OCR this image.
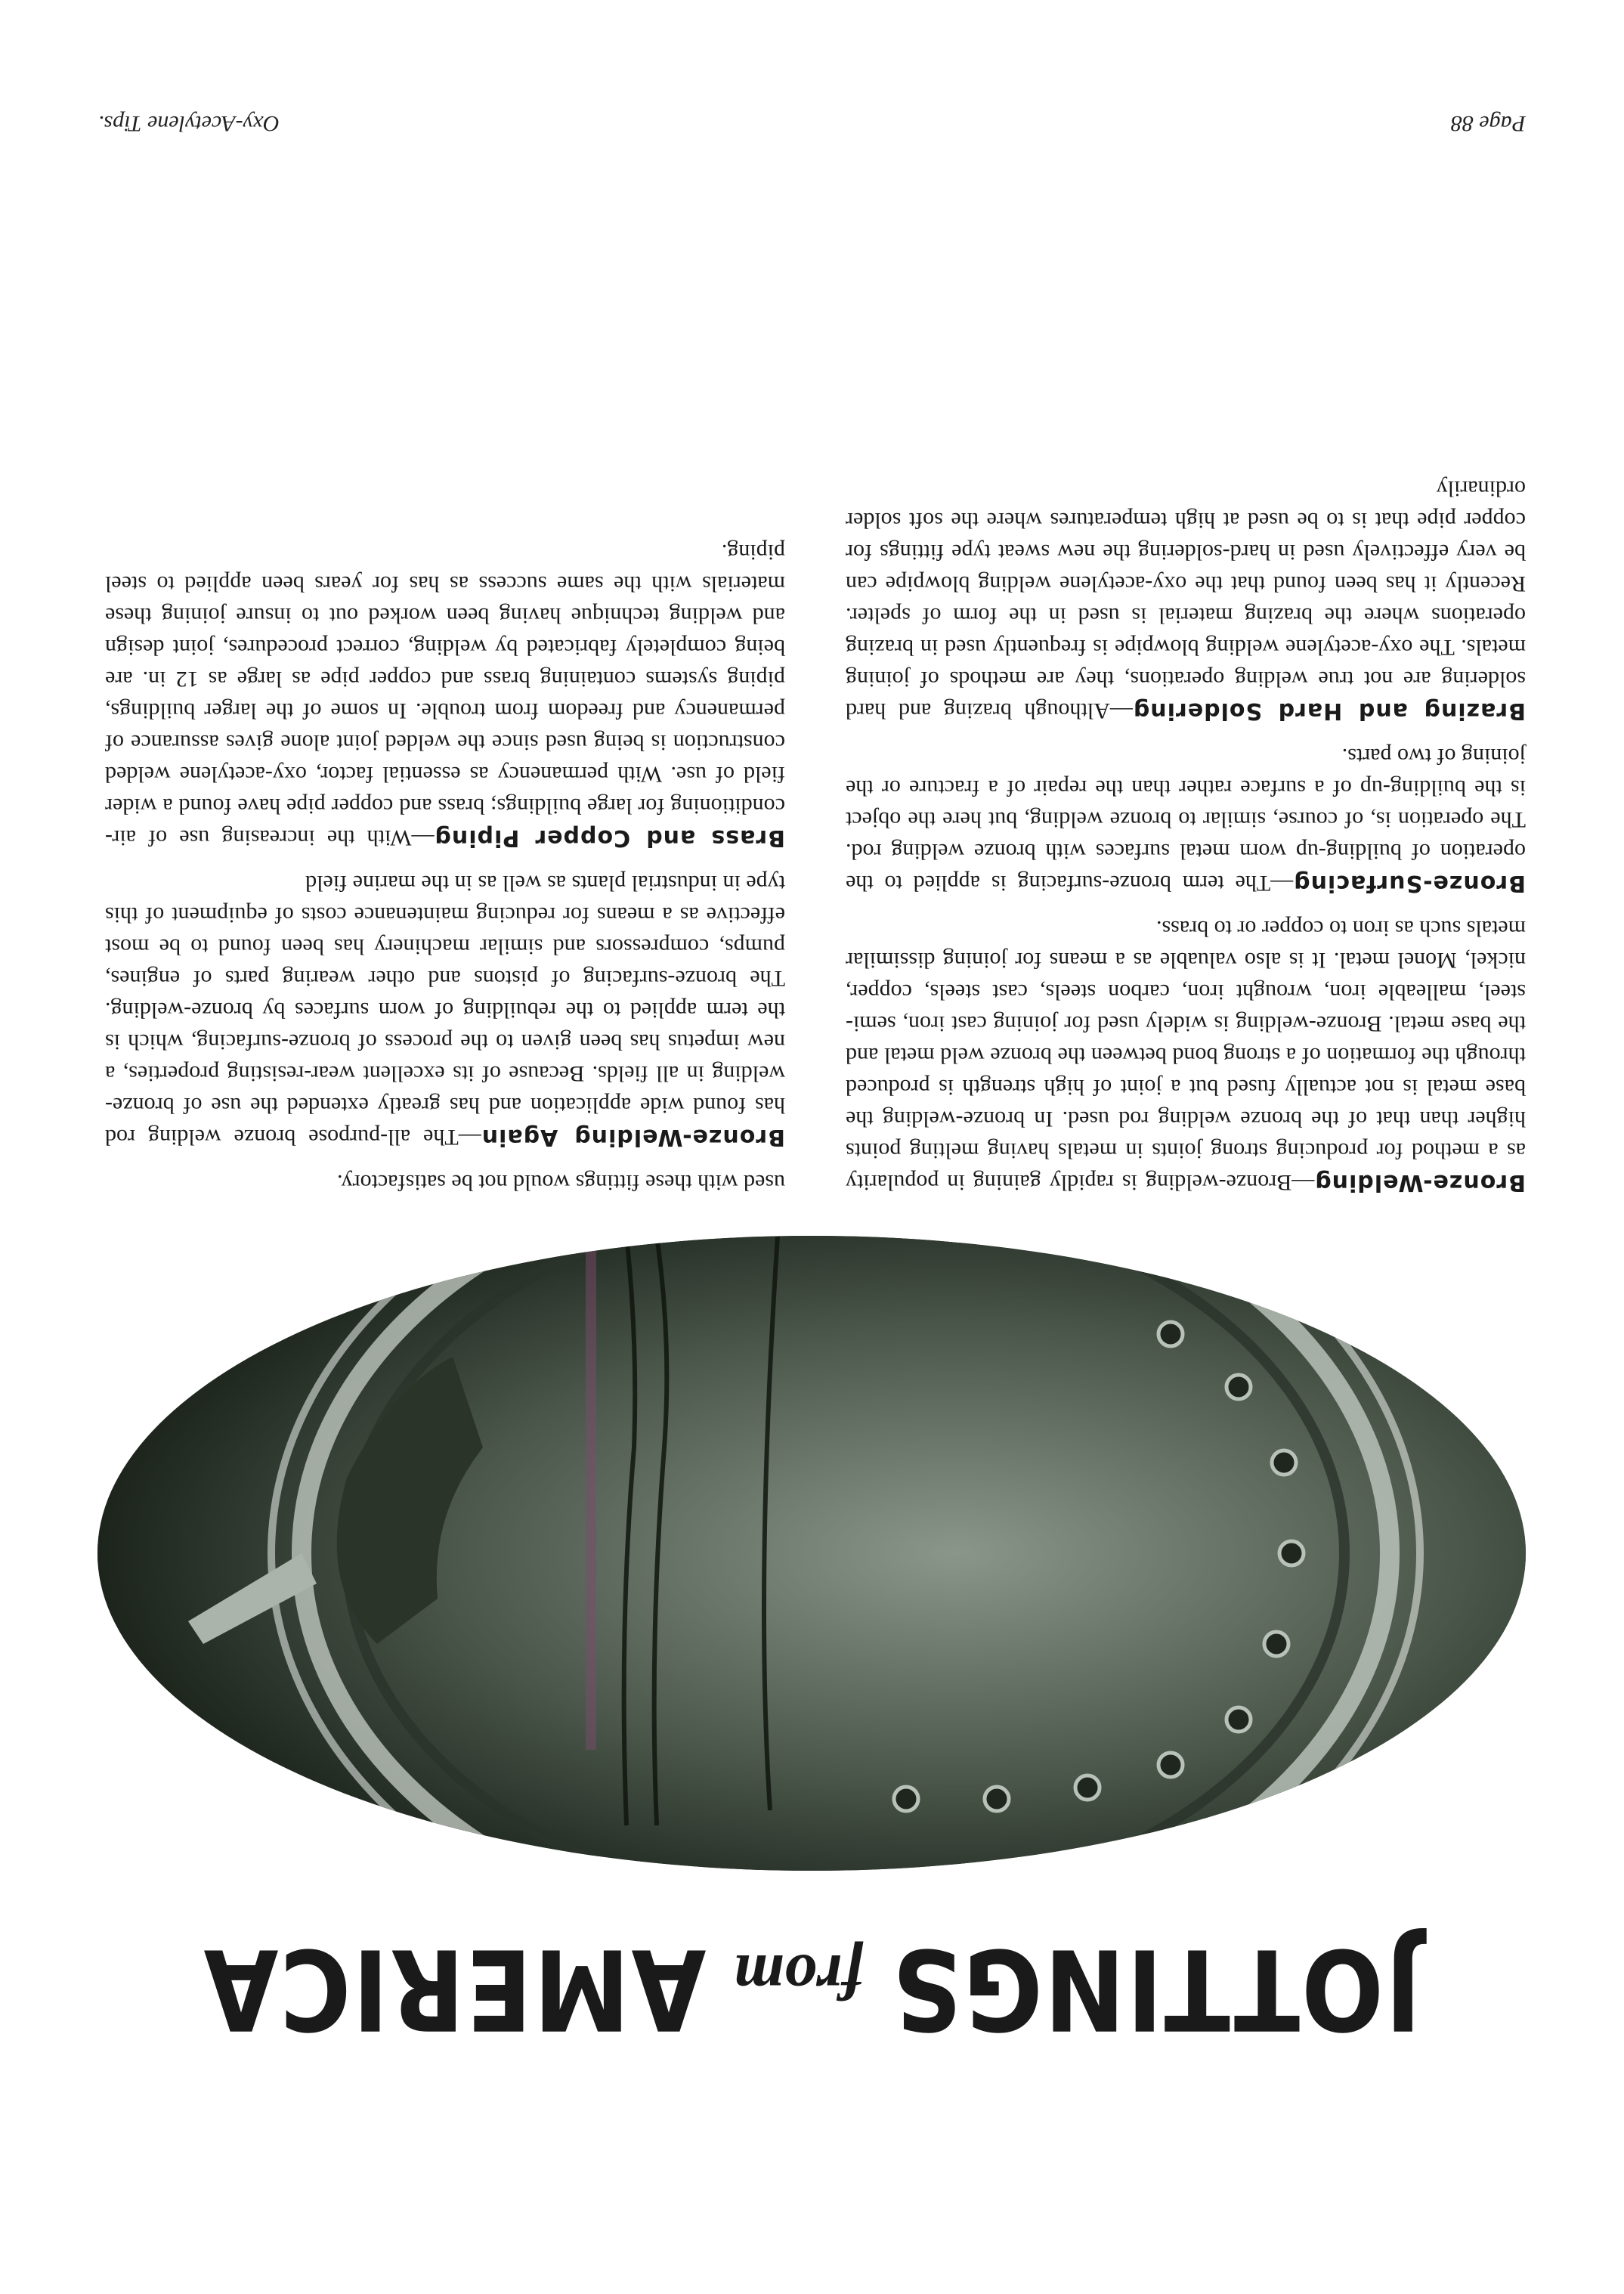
JOTTINGS
from
AMERICA

Bronze-Welding—Bronze-welding is rapidly gaining in popularity as a method for producing strong joints in metals having melting points higher than that of the bronze welding rod used. In bronze-welding the base metal is not actually fused but a joint of high strength is produced through the formation of a strong bond between the bronze weld metal and the base metal. Bronze-welding is widely used for joining cast iron, semi-steel, malleable iron, wrought iron, carbon steels, cast steels, copper, nickel, Monel metal. It is also valuable as a means for joining dissimilar metals such as iron to copper or to brass.

Bronze-Surfacing—The term bronze-surfacing is applied to the operation of building-up worn metal surfaces with bronze welding rod. The operation is, of course, similar to bronze welding, but here the object is the building-up of a surface rather than the repair of a fracture or the joining of two parts.

Brazing and Hard Soldering—Although brazing and hard soldering are not true welding operations, they are methods of joining metals. The oxy-acetylene welding blowpipe is frequently used in brazing operations where the brazing material is used in the form of spelter. Recently it has been found that the oxy-acetylene welding blowpipe can be very effectively used in hard-soldering the new sweat type fittings for copper pipe that is to be used at high temperatures where the soft solder ordinarily

used with these fittings would not be satisfactory.

Bronze-Welding Again—The all-purpose bronze welding rod has found wide application and has greatly extended the use of bronze-welding in all fields. Because of its excellent wear-resisting properties, a new impetus has been given to the process of bronze-surfacing, which is the term applied to the rebuilding of worn surfaces by bronze-welding. The bronze-surfacing of pistons and other wearing parts of engines, pumps, compressors and similar machinery has been found to be most effective as a means for reducing maintenance costs of equipment of this type in industrial plants as well as in the marine field

Brass and Copper Piping—With the increasing use of air-conditioning for large buildings; brass and copper pipe have found a wider field of use. With permanency as essential factor, oxy-acetylene welded construction is being used since the welded joint alone gives assurance of permanency and freedom from trouble. In some of the larger buildings, piping systems containing brass and copper pipe as large as 12 in. are being completely fabricated by welding, correct procedures, joint design and welding technique having been worked out to insure joining these materials with the same success as has for years been applied to steel piping.

Page 88
Oxy-Acetylene Tips.
